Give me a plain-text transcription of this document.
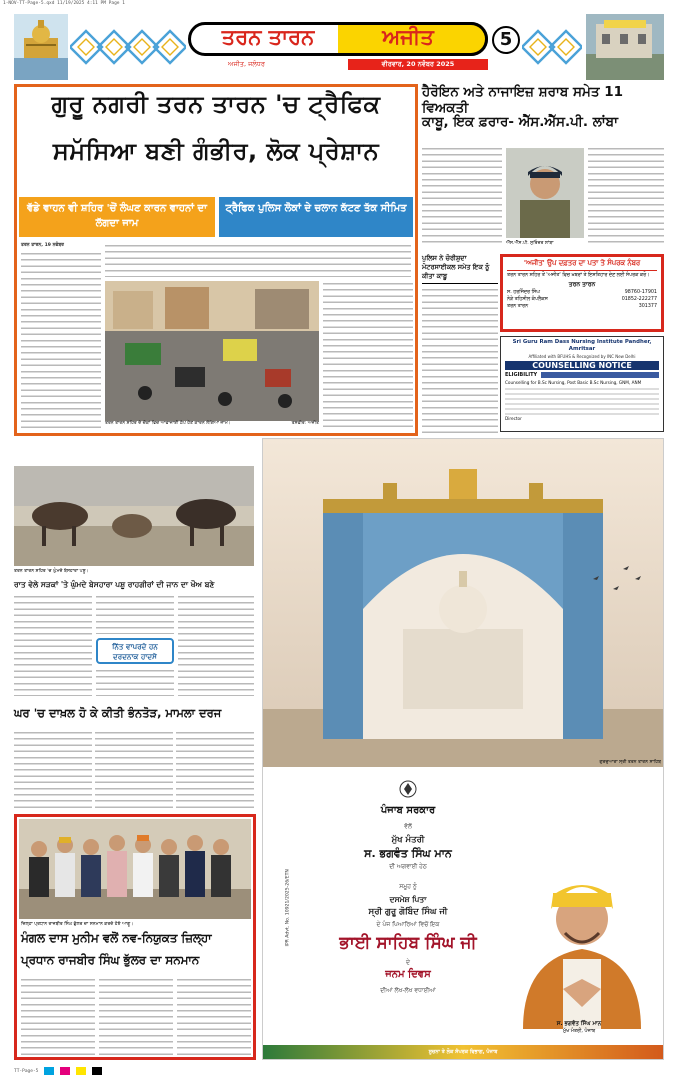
1-NOV-TT-Page-5.qxd 11/19/2025 4:11 PM Page 1
ਤਰਨ ਤਾਰਨ	ਅਜੀਤ
ਅਜੀਤ, ਜਲੰਧਰ	ਵੀਰਵਾਰ, 20 ਨਵੰਬਰ 2025
5
ਗੁਰੂ ਨਗਰੀ ਤਰਨ ਤਾਰਨ 'ਚ ਟ੍ਰੈਫਿਕ
ਸਮੱਸਿਆ ਬਣੀ ਗੰਭੀਰ, ਲੋਕ ਪ੍ਰੇਸ਼ਾਨ
ਵੱਡੇ ਵਾਹਨ ਵੀ ਸ਼ਹਿਰ 'ਚੋਂ ਲੰਘਣ ਕਾਰਨ ਵਾਹਨਾਂ ਦਾ ਲੱਗਦਾ ਜਾਮ
ਟ੍ਰੈਫਿਕ ਪੁਲਿਸ ਲੋਕਾਂ ਦੇ ਚਲਾਨ ਕੱਟਣ ਤੱਕ ਸੀਮਿਤ
ਤਰਨ ਤਾਰਨ, 19 ਨਵੰਬਰ
ਤਰਨ ਤਾਰਨ ਸ਼ਹਿਰ ਦੇ ਚੌਕਾਂ ਵਿਚ ਆਵਾਜਾਈ ਠੱਪ ਹੋਣ ਕਾਰਨ ਲੱਗਿਆ ਜਾਮ।	ਤਸਵੀਰ: ਅਜੀਤ
ਹੈਰੋਇਨ ਅਤੇ ਨਾਜਾਇਜ਼ ਸ਼ਰਾਬ ਸਮੇਤ 11 ਵਿਅਕਤੀ
ਕਾਬੂ, ਇਕ ਫ਼ਰਾਰ- ਐੱਸ.ਐੱਸ.ਪੀ. ਲਾਂਬਾ
ਐੱਸ.ਐੱਸ.ਪੀ. ਸੁਰਿੰਦਰ ਲਾਂਬਾ
ਪੁਲਿਸ ਨੇ ਚੋਰੀਸ਼ੁਦਾ ਮੋਟਰਸਾਈਕਲ ਸਮੇਤ ਇਕ ਨੂੰ ਕੀਤਾ ਕਾਬੂ
'ਅਜੀਤ' ਉਪ ਦਫ਼ਤਰ ਦਾ ਪਤਾ ਤੇ ਸੰਪਰਕ ਨੰਬਰ
ਤਰਨ ਤਾਰਨ ਸ਼ਹਿਰ ਤੋਂ 'ਅਜੀਤ' ਵਿਚ ਖ਼ਬਰਾਂ ਤੇ ਇਸ਼ਤਿਹਾਰ ਦੇਣ ਲਈ ਸੰਪਰਕ ਕਰੋ।
ਤਰਨ ਤਾਰਨ
ਸ. ਹਰਜਿੰਦਰ ਸਿੰਘ	98760-17901
ਨੇੜੇ ਤਹਿਸੀਲ ਕੰਪਲੈਕਸ	01852-222277
ਤਰਨ ਤਾਰਨ	301377
Sri Guru Ram Dass Nursing Institute Pandher, Amritsar
Affiliated with BFUHS & Recognized by INC New Delhi
COUNSELLING NOTICE
ELIGIBILITY
Counselling for B.Sc Nursing, Post Basic B.Sc Nursing, GNM, ANM
Director
ਤਰਨ ਤਾਰਨ ਸ਼ਹਿਰ 'ਚ ਘੁੰਮਦੇ ਬੇਸਹਾਰਾ ਪਸ਼ੂ।
ਰਾਤ ਵੇਲੇ ਸੜਕਾਂ 'ਤੇ ਘੁੰਮਦੇ ਬੇਸਹਾਰਾ ਪਸ਼ੂ ਰਾਹਗੀਰਾਂ ਦੀ ਜਾਨ ਦਾ ਖੌਅ ਬਣੇ
ਨਿੱਤ ਵਾਪਰਦੇ ਹਨ ਦਰਦਨਾਕ ਹਾਦਸੇ
ਘਰ 'ਚ ਦਾਖ਼ਲ ਹੋ ਕੇ ਕੀਤੀ ਭੰਨਤੋੜ, ਮਾਮਲਾ ਦਰਜ
ਜ਼ਿਲ੍ਹਾ ਪ੍ਰਧਾਨ ਰਾਜਬੀਰ ਸਿੰਘ ਭੁੱਲਰ ਦਾ ਸਨਮਾਨ ਕਰਦੇ ਹੋਏ ਆਗੂ।
ਮੰਗਲ ਦਾਸ ਮੁਨੀਮ ਵਲੋਂ ਨਵ-ਨਿਯੁਕਤ ਜ਼ਿਲ੍ਹਾ
ਪ੍ਰਧਾਨ ਰਾਜਬੀਰ ਸਿੰਘ ਭੁੱਲਰ ਦਾ ਸਨਮਾਨ
ਗੁਰਦੁਆਰਾ ਸ੍ਰੀ ਤਰਨ ਤਾਰਨ ਸਾਹਿਬ
ਪੰਜਾਬ ਸਰਕਾਰ
ਵੱਲੋਂ
ਮੁੱਖ ਮੰਤਰੀ
ਸ. ਭਗਵੰਤ ਸਿੰਘ ਮਾਨ
ਦੀ ਅਗਵਾਈ ਹੇਠ
ਸਮੂਹ ਨੂੰ
ਦਸਮੇਸ਼ ਪਿਤਾ
ਸ੍ਰੀ ਗੁਰੂ ਗੋਬਿੰਦ ਸਿੰਘ ਜੀ
ਦੇ ਪੰਜ ਪਿਆਰਿਆਂ ਵਿਚੋਂ ਇਕ
ਭਾਈ ਸਾਹਿਬ ਸਿੰਘ ਜੀ
ਦੇ
ਜਨਮ ਦਿਵਸ
ਦੀਆਂ ਲੱਖ-ਲੱਖ ਵਧਾਈਆਂ
IPR Advt. No. 10921/2025-26/ETN
ਸ. ਭਗਵੰਤ ਸਿੰਘ ਮਾਨ
ਮੁੱਖ ਮੰਤਰੀ, ਪੰਜਾਬ
ਸੂਚਨਾ ਤੇ ਲੋਕ ਸੰਪਰਕ ਵਿਭਾਗ, ਪੰਜਾਬ
TT-Page-5
